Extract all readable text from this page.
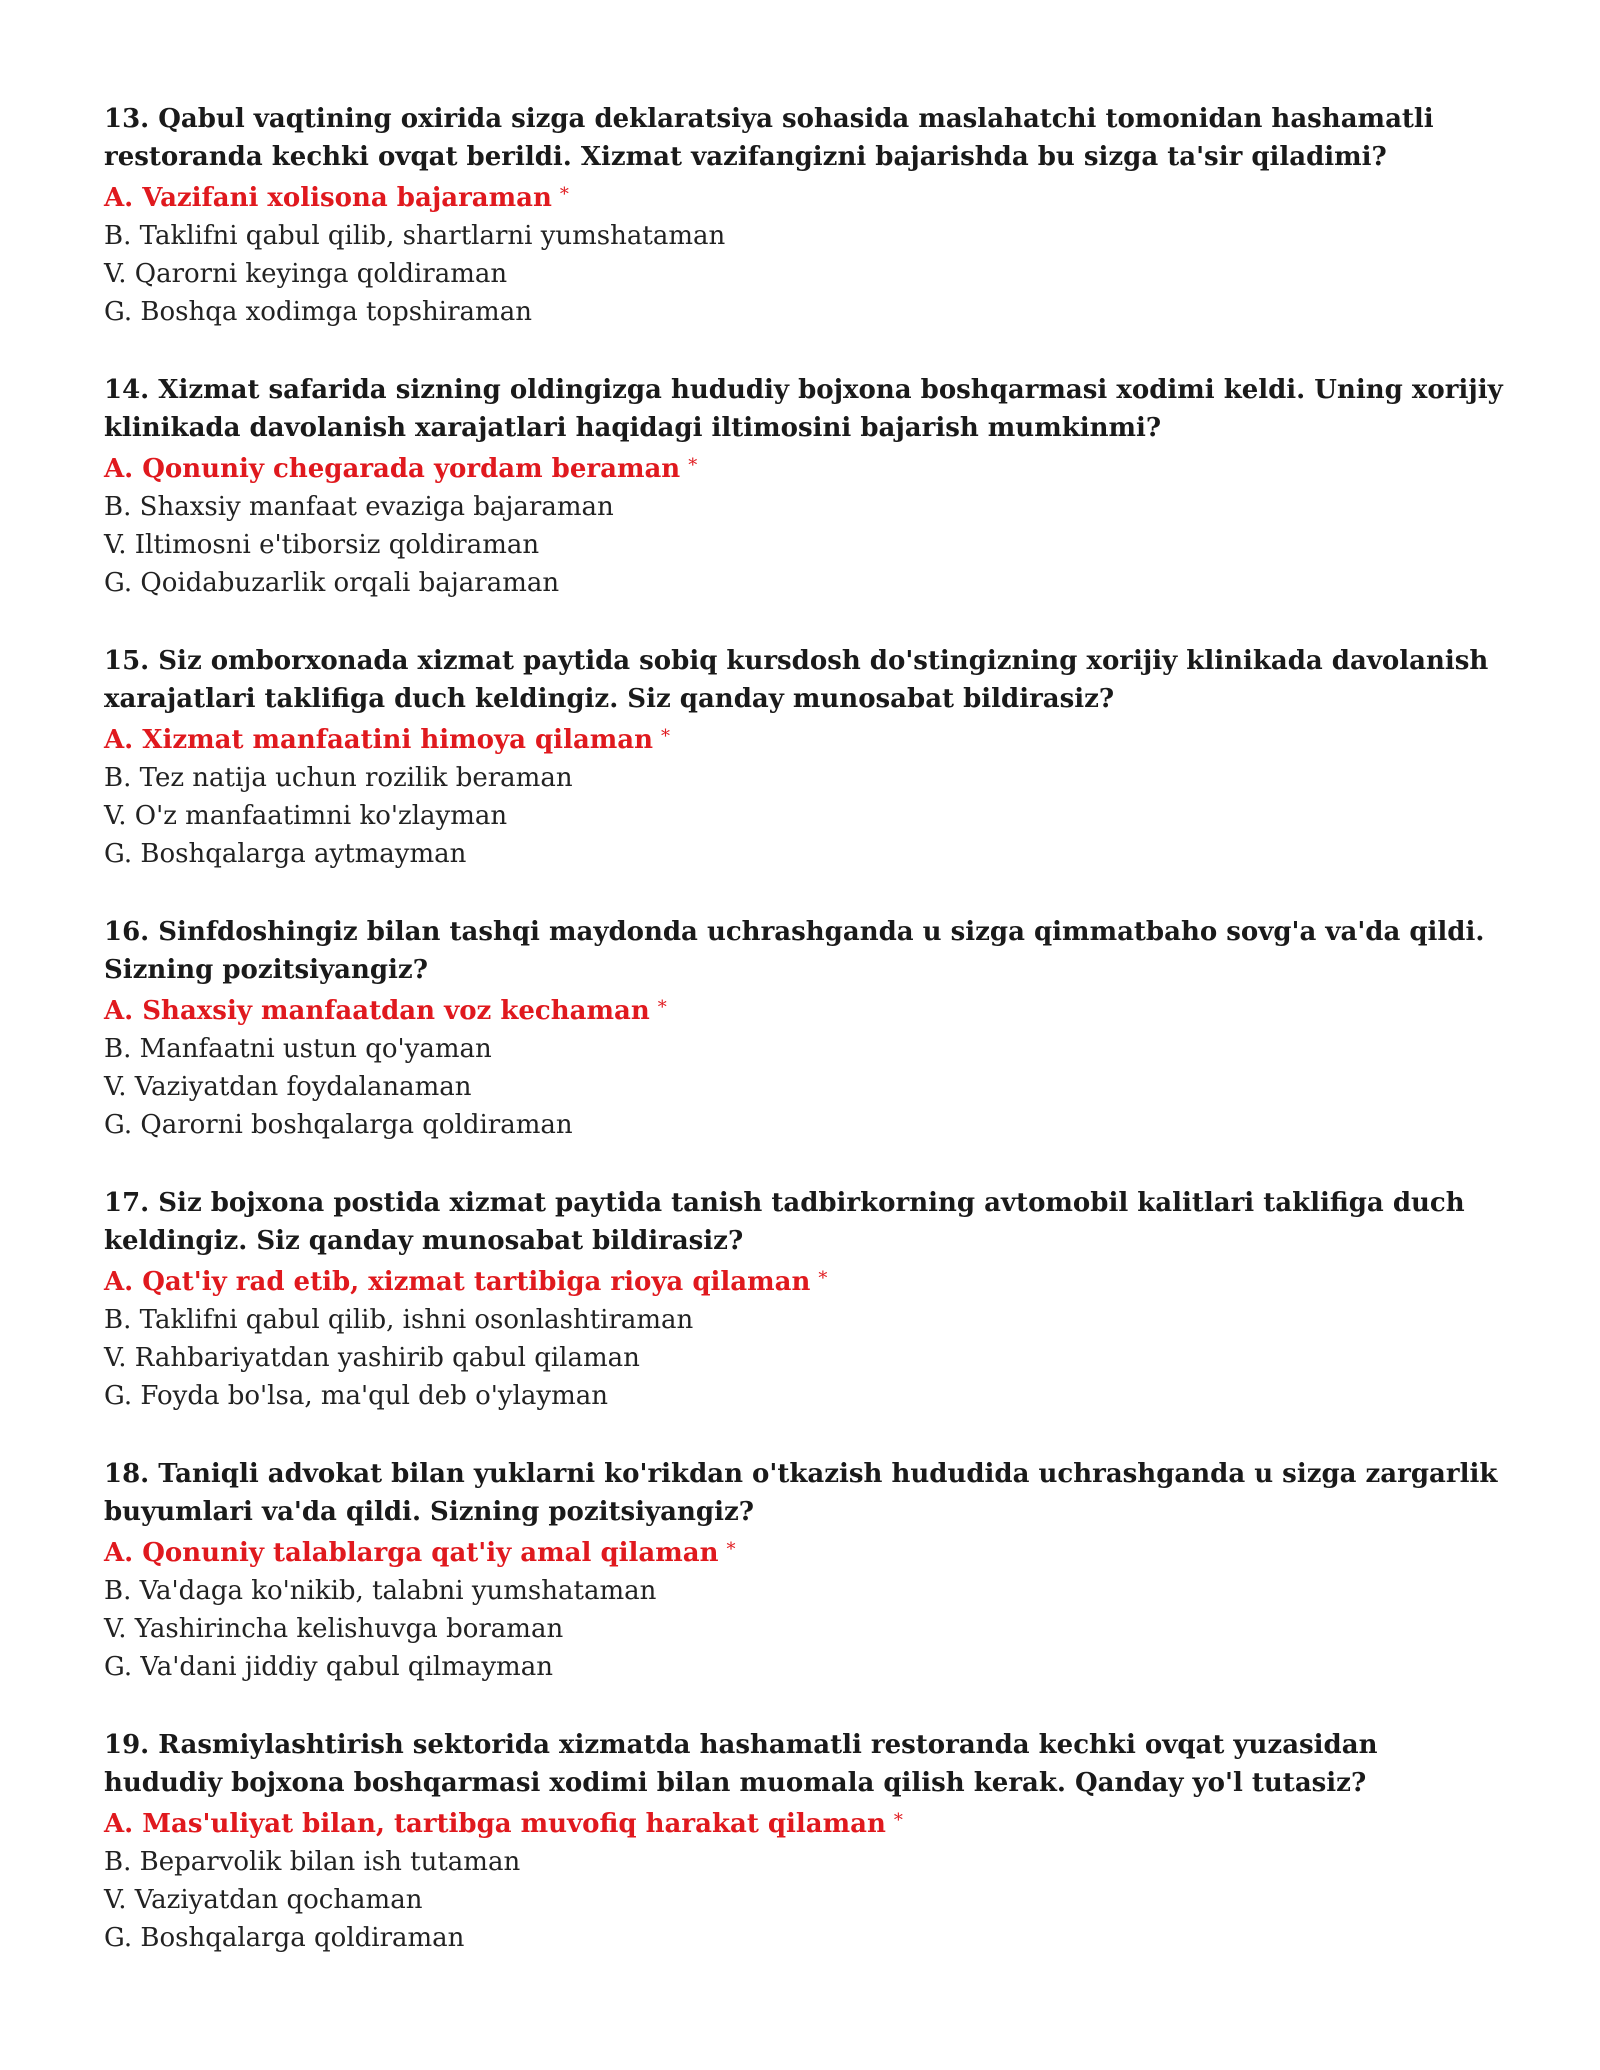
13. Qabul vaqtining oxirida sizga deklaratsiya sohasida maslahatchi tomonidan hashamatli restoranda kechki ovqat berildi. Xizmat vazifangizni bajarishda bu sizga ta'sir qiladimi?

A. Vazifani xolisona bajaraman *

B. Taklifni qabul qilib, shartlarni yumshataman

V. Qarorni keyinga qoldiraman

G. Boshqa xodimga topshiraman

14. Xizmat safarida sizning oldingizga hududiy bojxona boshqarmasi xodimi keldi. Uning xorijiy klinikada davolanish xarajatlari haqidagi iltimosini bajarish mumkinmi?

A. Qonuniy chegarada yordam beraman *

B. Shaxsiy manfaat evaziga bajaraman

V. Iltimosni e'tiborsiz qoldiraman

G. Qoidabuzarlik orqali bajaraman

15. Siz omborxonada xizmat paytida sobiq kursdosh do'stingizning xorijiy klinikada davolanish xarajatlari taklifiga duch keldingiz. Siz qanday munosabat bildirasiz?

A. Xizmat manfaatini himoya qilaman *

B. Tez natija uchun rozilik beraman

V. O'z manfaatimni ko'zlayman

G. Boshqalarga aytmayman

16. Sinfdoshingiz bilan tashqi maydonda uchrashganda u sizga qimmatbaho sovg'a va'da qildi. Sizning pozitsiyangiz?

A. Shaxsiy manfaatdan voz kechaman *

B. Manfaatni ustun qo'yaman

V. Vaziyatdan foydalanaman

G. Qarorni boshqalarga qoldiraman

17. Siz bojxona postida xizmat paytida tanish tadbirkorning avtomobil kalitlari taklifiga duch keldingiz. Siz qanday munosabat bildirasiz?

A. Qat'iy rad etib, xizmat tartibiga rioya qilaman *

B. Taklifni qabul qilib, ishni osonlashtiraman

V. Rahbariyatdan yashirib qabul qilaman

G. Foyda bo'lsa, ma'qul deb o'ylayman

18. Taniqli advokat bilan yuklarni ko'rikdan o'tkazish hududida uchrashganda u sizga zargarlik buyumlari va'da qildi. Sizning pozitsiyangiz?

A. Qonuniy talablarga qat'iy amal qilaman *

B. Va'daga ko'nikib, talabni yumshataman

V. Yashirincha kelishuvga boraman

G. Va'dani jiddiy qabul qilmayman

19. Rasmiylashtirish sektorida xizmatda hashamatli restoranda kechki ovqat yuzasidan hududiy bojxona boshqarmasi xodimi bilan muomala qilish kerak. Qanday yo'l tutasiz?

A. Mas'uliyat bilan, tartibga muvofiq harakat qilaman *

B. Beparvolik bilan ish tutaman

V. Vaziyatdan qochaman

G. Boshqalarga qoldiraman
